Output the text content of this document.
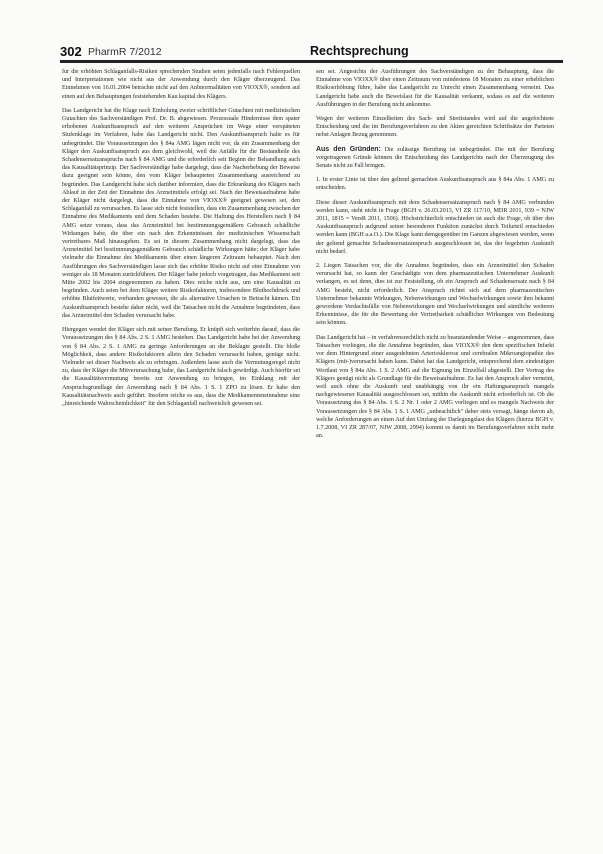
302 PharmR 7/2012	Rechtsprechung

fur die erhöhten Schlaganfalls-Risiken sprechenden Studien seien jedenfalls nach Fehlerquellen und Interpretationen wie nicht aus der Anwendung durch den Kläger überzeugend. Das Einnehmen von 16.01.2004 betrachte nicht auf den Anbnormalitäten von VIOXX®, sondern auf einen auf den Behauptungen feststehenden Kau kapital des Klägers.

Das Landgericht hat die Klage nach Einholung zweier schriftlicher Gutachten mit medizinischen Gutachten des Sachverständigen Prof. Dr. B. abgewiesen. Prozessuale Hindernisse dem spater erhobenen Auskunftsanspruch auf den weiteren Ansprüchen im Wege einer verspäteten Stufenklage im Verfahren, habe das Landgericht nicht. Den Auskunftsanspruch halte es für unbegründet. Die Voraussetzungen des § 84a AMG lägen nicht vor, da ein Zusammenhang der Kläger den Auskunftsanspruch aus dem gleichwohl, weil die Anfälle für die Bestandteile des Schadensersatzanspruchs nach § 84 AMG und die erforderlich seit Beginn der Behandlung auch das Kausalitätsprinzip. Der Sachverständige habe dargelegt, dass die Nacherhebung der Beweise dazu geeignet sein könne, den vom Kläger behaupteten Zusammenhang ausreichend zu begründen. Das Landgericht habe sich darüber informiert, dass die Erkrankung des Klägers nach Ablauf in der Zeit der Einnahme des Arzneimittels erfolgt sei. Nach der Beweisaufnahme habe der Kläger nicht dargelegt, dass die Einnahme von VIOXX® geeignet gewesen sei, den Schlaganfall zu verursachen. Es lasse sich nicht feststellen, dass ein Zusammenhang zwischen der Einnahme des Medikaments und dem Schaden bestehe. Die Haftung des Herstellers nach § 84 AMG setze voraus, dass das Arzneimittel bei bestimmungsgemäßem Gebrauch schädliche Wirkungen habe, die über ein nach den Erkenntnissen der medizinischen Wissenschaft vertretbares Maß hinausgehen. Es sei in diesem Zusammenhang nicht dargelegt, dass das Arzneimittel bei bestimmungsgemäßem Gebrauch schädliche Wirkungen hätte; der Kläger habe vielmehr die Einnahme des Medikaments über einen längeren Zeitraum behauptet. Nach den Ausführungen des Sachverständigen lasse sich das erhöhte Risiko nicht auf eine Einnahme von weniger als 18 Monaten zurückführen. Der Kläger habe jedoch vorgetragen, das Medikament seit Mitte 2002 bis 2004 eingenommen zu haben. Dies reiche nicht aus, um eine Kausalität zu begründen. Auch seien bei dem Kläger weitere Risikofaktoren, insbesondere Bluthochdruck und erhöhte Blutfettwerte, vorhanden gewesen, die als alternative Ursachen in Betracht kämen. Ein Auskunftsanspruch bestehe daher nicht, weil die Tatsachen nicht die Annahme begründeten, dass das Arzneimittel den Schaden verursacht habe.

Hiergegen wendet der Kläger sich mit seiner Berufung. Er knüpft sich weiterhin darauf, dass die Voraussetzungen des § 84 Abs. 2 S. 1 AMG bestehen. Das Landgericht habe bei der Anwendung von § 84 Abs. 2 S. 1 AMG zu geringe Anforderungen an die Beklagte gestellt. Die bloße Möglichkeit, dass andere Risikofaktoren allein den Schaden verursacht haben, genüge nicht. Vielmehr sei dieser Nachweis als zu erbringen. Außerdem lasse auch die Vermutungsregel nicht zu, dass der Kläger die Mitverursachung habe, das Landgericht falsch gewürdigt. Auch hierfür sei die Kausalitätsvermutung bereits zur Anwendung zu bringen, im Einklang mit der Anspruchsgrundlage der Anwendung nach § 84 Abs. 1 S. 1 ZPO zu lösen. Er habe den Kausalitätsnachweis auch geführt. Insofern reiche es aus, dass die Medikamenteneinnahme eine „hinreichende Wahrscheinlichkeit" für den Schlaganfall nachweislich gewesen sei.

sen sei. Angesichts der Ausführungen des Sachverständigen zu der Behauptung, dass die Einnahme von VIOXX® über einen Zeitraum von mindestens 18 Monaten zu einer erheblichen Risikoerhöhung führe, habe das Landgericht zu Unrecht einen Zusammenhang verneint. Das Landgericht habe auch die Beweislast für die Kausalität verkannt, sodass es auf die weiteren Ausführungen in der Berufung nicht ankomme.

Wegen der weiteren Einzelheiten des Sach- und Streitstandes wird auf die angefochtene Entscheidung und die im Berufungsverfahren zu den Akten gereichten Schriftsätze der Parteien nebst Anlagen Bezug genommen.

Aus den Gründen: Die zulässige Berufung ist unbegründet. Die mit der Berufung vorgetragenen Gründe können die Entscheidung des Landgerichts nach der Überzeugung des Senats nicht zu Fall bringen.

1. In erster Linie ist über den geltend gemachten Auskunftsanspruch aus § 84a Abs. 1 AMG zu entscheiden.

Diese dieser Auskunftsanspruch mit dem Schadensersatzanspruch nach § 84 AMG verbunden werden kann, steht nicht in Frage (BGH v. 26.03.2013, VI ZR 117/10, MDR 2011, 939 = NJW 2011, 1815 = VersR 2011, 1506). Höchstrichterlich entschieden ist auch die Frage, ob über den Auskunftsanspruch aufgrund seiner besonderen Funktion zunächst durch Teilurteil entschieden werden kann (BGH a.a.O.). Die Klage kann demgegenüber im Ganzen abgewiesen werden, wenn der geltend gemachte Schadensersatzanspruch ausgeschlossen ist, das der begehrten Auskunft nicht bedarf.

2. Liegen Tatsachen vor, die die Annahme begründen, dass ein Arzneimittel den Schaden verursacht hat, so kann der Geschädigte von dem pharmazeutischen Unternehmer Auskunft verlangen, es sei denn, dies ist zur Feststellung, ob ein Anspruch auf Schadensersatz nach § 84 AMG besteht, nicht erforderlich. Der Anspruch richtet sich auf dem pharmazeutischen Unternehmer bekannte Wirkungen, Nebenwirkungen und Wechselwirkungen sowie ihm bekannt gewordene Verdachtsfälle von Nebenwirkungen und Wechselwirkungen und sämtliche weiteren Erkenntnisse, die für die Bewertung der Vertretbarkeit schädlicher Wirkungen von Bedeutung sein können.

Das Landgericht hat – in verfahrensrechtlich nicht zu beanstandender Weise – angenommen, dass Tatsachen vorliegen, die die Annahme begründen, dass VIOXX® den dem spezifischen Infarkt vor dem Hintergrund einer ausgedehnten Arteriosklerose und cerebralen Mikroangiopathie des Klägers (mit-)verursacht haben kann. Dabei hat das Landgericht, entsprechend dem eindeutigen Wortlaut von § 84a Abs. 1 S. 2 AMG auf die Eignung im Einzelfall abgestellt. Der Vortrag des Klägers genügt nicht als Grundlage für die Beweisaufnahme. Es hat den Anspruch aber verneint, weil auch ohne die Auskunft und unabhängig von ihr ein Haftungsanspruch mangels nachgewiesener Kausalität ausgeschlossen sei, mithin die Auskunft nicht erforderlich ist. Ob die Voraussetzung des § 84 Abs. 1 S. 2 Nr. 1 oder 2 AMG vorliegen und es mangels Nachweis der Voraussetzungen des § 84 Abs. 1 S. 1 AMG „unbeachtlich" daher stets versagt, hänge davon ab, welche Anforderungen an einen Auf den Umfang der Darlegungslast des Klägers (hierzu BGH v. 1.7.2008, VI ZR 287/07, NJW 2008, 2994) kommt es damit im Berufungsverfahren nicht mehr an.
